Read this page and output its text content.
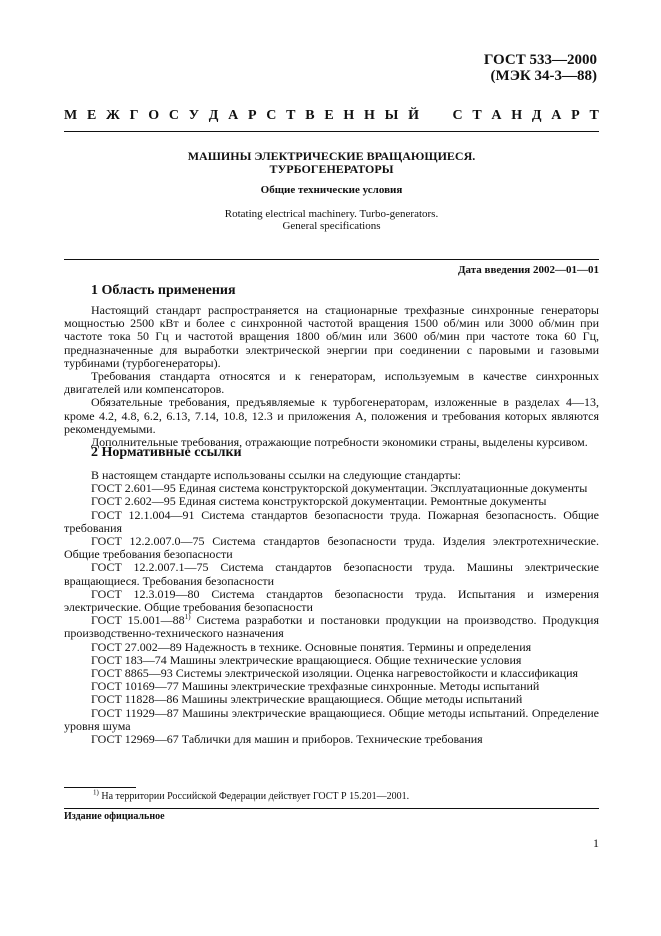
ГОСТ 533—2000
(МЭК 34-3—88)
М Е Ж Г О С У Д А Р С Т В Е Н Н Ы Й С Т А Н Д А Р Т
МАШИНЫ ЭЛЕКТРИЧЕСКИЕ ВРАЩАЮЩИЕСЯ.
ТУРБОГЕНЕРАТОРЫ
Общие технические условия
Rotating electrical machinery. Turbo-generators.
General specifications
Дата введения 2002—01—01
1 Область применения

Настоящий стандарт распространяется на стационарные трехфазные синхронные генераторы мощностью 2500 кВт и более с синхронной частотой вращения 1500 об/мин или 3000 об/мин при частоте тока 50 Гц и частотой вращения 1800 об/мин или 3600 об/мин при частоте тока 60 Гц, предназначенные для выработки электрической энергии при соединении с паровыми и газовыми турбинами (турбогенераторы).

Требования стандарта относятся и к генераторам, используемым в качестве синхронных двигателей или компенсаторов.

Обязательные требования, предъявляемые к турбогенераторам, изложенные в разделах 4—13, кроме 4.2, 4.8, 6.2, 6.13, 7.14, 10.8, 12.3 и приложения А, положения и требования которых являются рекомендуемыми.

Дополнительные требования, отражающие потребности экономики страны, выделены курсивом.

2 Нормативные ссылки

В настоящем стандарте использованы ссылки на следующие стандарты:

ГОСТ 2.601—95 Единая система конструкторской документации. Эксплуатационные документы

ГОСТ 2.602—95 Единая система конструкторской документации. Ремонтные документы

ГОСТ 12.1.004—91 Система стандартов безопасности труда. Пожарная безопасность. Общие требования

ГОСТ 12.2.007.0—75 Система стандартов безопасности труда. Изделия электротехнические. Общие требования безопасности

ГОСТ 12.2.007.1—75 Система стандартов безопасности труда. Машины электрические вращающиеся. Требования безопасности

ГОСТ 12.3.019—80 Система стандартов безопасности труда. Испытания и измерения электрические. Общие требования безопасности

ГОСТ 15.001—88$^{1)}$ Система разработки и постановки продукции на производство. Продукция производственно-технического назначения

ГОСТ 27.002—89 Надежность в технике. Основные понятия. Термины и определения

ГОСТ 183—74 Машины электрические вращающиеся. Общие технические условия

ГОСТ 8865—93 Системы электрической изоляции. Оценка нагревостойкости и классификация

ГОСТ 10169—77 Машины электрические трехфазные синхронные. Методы испытаний

ГОСТ 11828—86 Машины электрические вращающиеся. Общие методы испытаний

ГОСТ 11929—87 Машины электрические вращающиеся. Общие методы испытаний. Определение уровня шума

ГОСТ 12969—67 Таблички для машин и приборов. Технические требования

$^{1)}$ На территории Российской Федерации действует ГОСТ Р 15.201—2001.
Издание официальное
1
